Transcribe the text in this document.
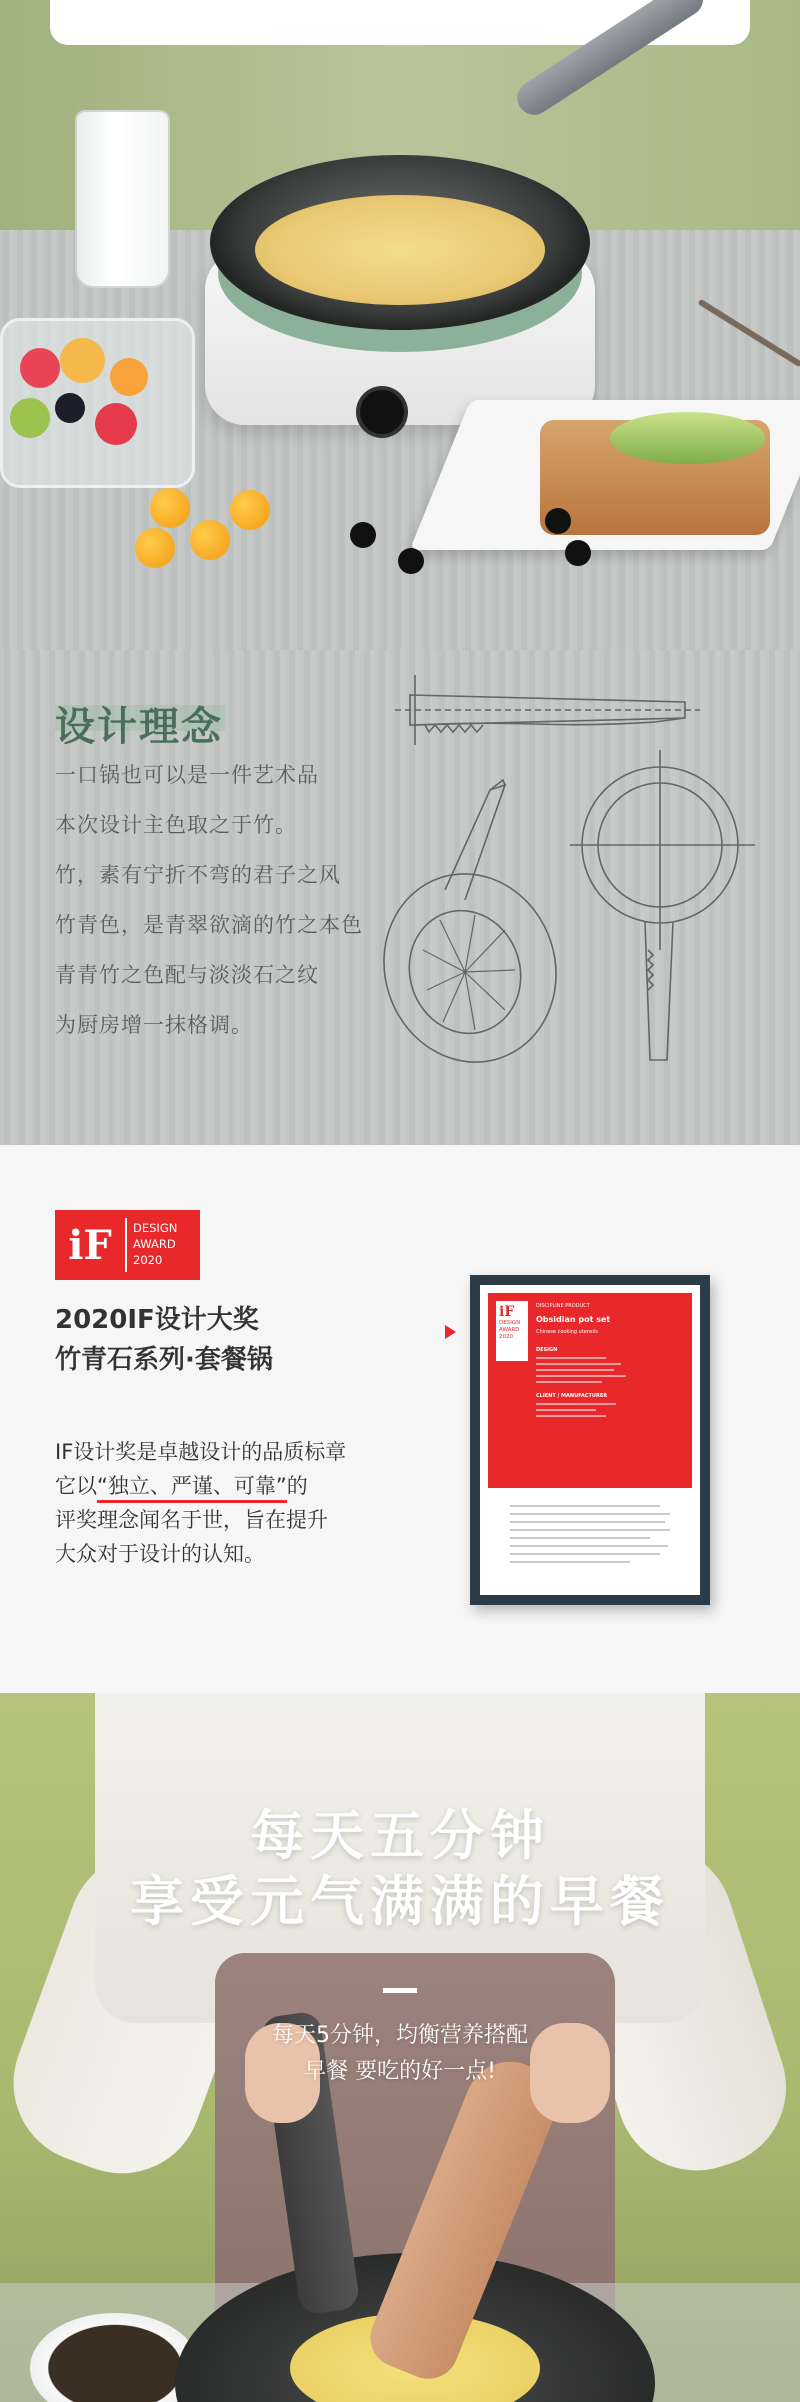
设计理念
一口锅也可以是一件艺术品
本次设计主色取之于竹。
竹，素有宁折不弯的君子之风
竹青色，是青翠欲滴的竹之本色
青青竹之色配与淡淡石之纹
为厨房增一抹格调。
iF	DESIGN
AWARD
2020
2020IF设计大奖
竹青石系列·套餐锅
IF设计奖是卓越设计的品质标章
它以“独立、严谨、可靠”的
评奖理念闻名于世，旨在提升
大众对于设计的认知。
iF
DESIGN
AWARD
2020
DISCIPLINE PRODUCT
Obsidian pot set
Chinese cooking utensils
DESIGN
CLIENT / MANUFACTURER
每天五分钟
享受元气满满的早餐
每天5分钟，均衡营养搭配
早餐 要吃的好一点!
